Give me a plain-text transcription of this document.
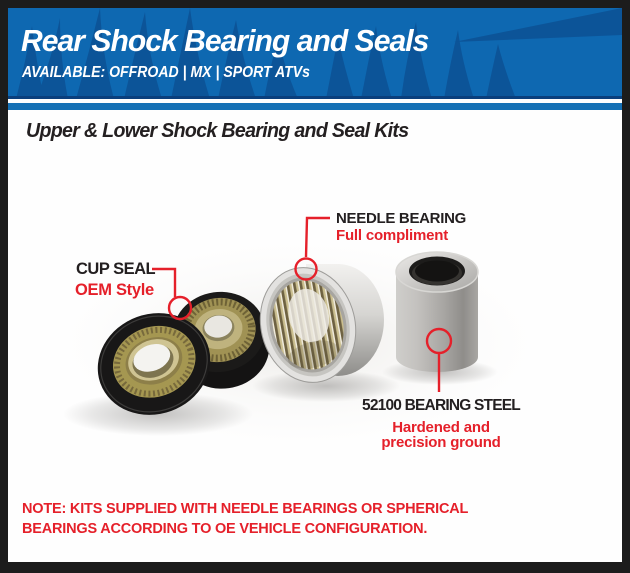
Rear Shock Bearing and Seals
AVAILABLE: OFFROAD | MX | SPORT ATVs
Upper & Lower Shock Bearing and Seal Kits
CUP SEAL
OEM Style
NEEDLE BEARING
Full compliment
52100 BEARING STEEL
Hardened and
precision ground
NOTE: KITS SUPPLIED WITH NEEDLE BEARINGS OR SPHERICAL
BEARINGS ACCORDING TO OE VEHICLE CONFIGURATION.
